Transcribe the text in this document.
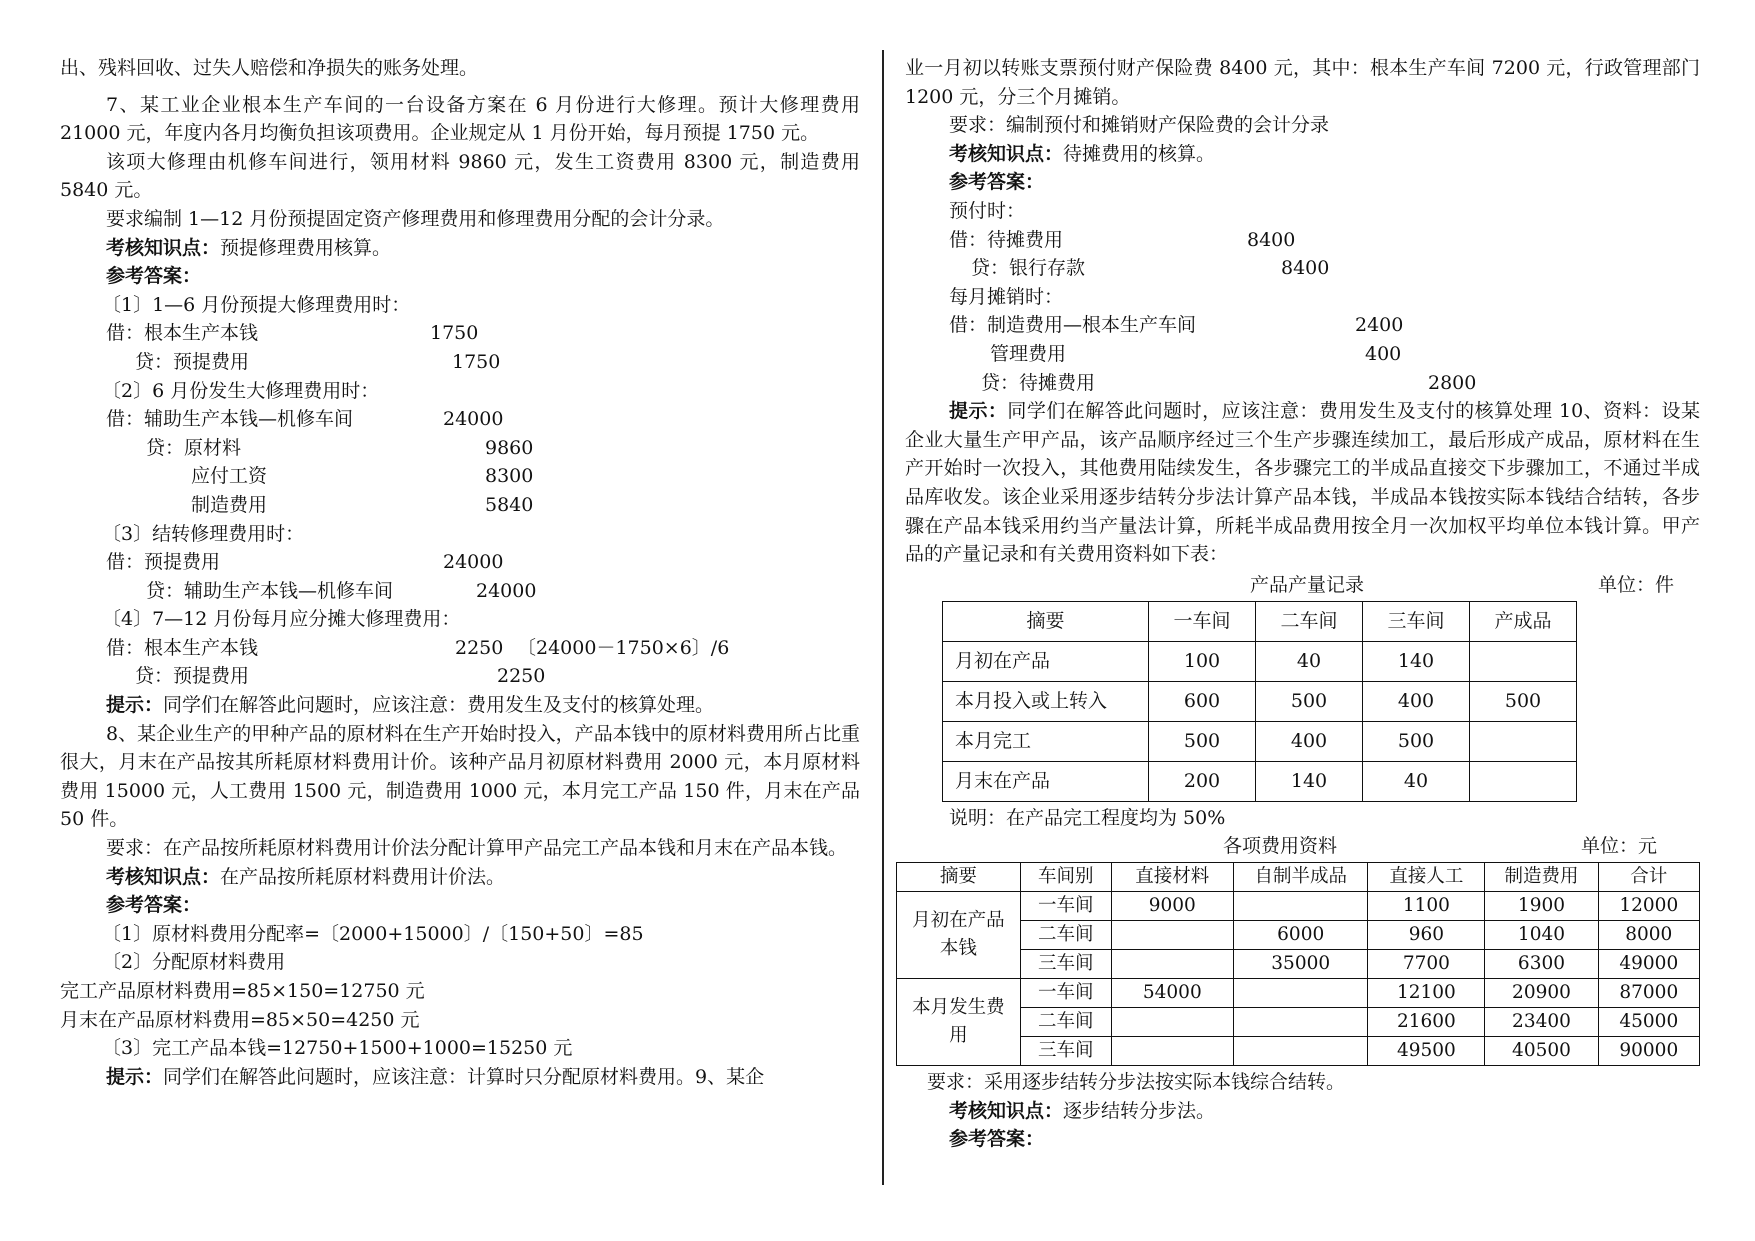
出、残料回收、过失人赔偿和净损失的账务处理。

7、某工业企业根本生产车间的一台设备方案在 6 月份进行大修理。预计大修理费用 21000 元，年度内各月均衡负担该项费用。企业规定从 1 月份开始，每月预提 1750 元。

该项大修理由机修车间进行，领用材料 9860 元，发生工资费用 8300 元，制造费用 5840 元。

要求编制 1—12 月份预提固定资产修理费用和修理费用分配的会计分录。

考核知识点：预提修理费用核算。

参考答案：

〔1〕1—6 月份预提大修理费用时：

借：根本生产本钱	1750
贷：预提费用	1750

〔2〕6 月份发生大修理费用时：

借：辅助生产本钱—机修车间	24000
贷：原材料	9860
应付工资	8300
制造费用	5840

〔3〕结转修理费用时：

借：预提费用	24000
贷：辅助生产本钱—机修车间	24000

〔4〕7—12 月份每月应分摊大修理费用：

借：根本生产本钱	2250 〔24000－1750×6〕/6
贷：预提费用	2250

提示：同学们在解答此问题时，应该注意：费用发生及支付的核算处理。

8、某企业生产的甲种产品的原材料在生产开始时投入，产品本钱中的原材料费用所占比重很大，月末在产品按其所耗原材料费用计价。该种产品月初原材料费用 2000 元，本月原材料费用 15000 元，人工费用 1500 元，制造费用 1000 元，本月完工产品 150 件，月末在产品 50 件。

要求：在产品按所耗原材料费用计价法分配计算甲产品完工产品本钱和月末在产品本钱。

考核知识点：在产品按所耗原材料费用计价法。

参考答案：

〔1〕原材料费用分配率=〔2000+15000〕/〔150+50〕=85

〔2〕分配原材料费用

完工产品原材料费用=85×150=12750 元

月末在产品原材料费用=85×50=4250 元

〔3〕完工产品本钱=12750+1500+1000=15250 元

提示：同学们在解答此问题时，应该注意：计算时只分配原材料费用。9、某企

业一月初以转账支票预付财产保险费 8400 元，其中：根本生产车间 7200 元，行政管理部门 1200 元，分三个月摊销。

要求：编制预付和摊销财产保险费的会计分录

考核知识点：待摊费用的核算。

参考答案：

预付时：

借：待摊费用	8400
贷：银行存款	8400

每月摊销时：

借：制造费用—根本生产车间	2400
管理费用	400
贷：待摊费用	2800

提示：同学们在解答此问题时，应该注意：费用发生及支付的核算处理 10、资料：设某企业大量生产甲产品，该产品顺序经过三个生产步骤连续加工，最后形成产成品，原材料在生产开始时一次投入，其他费用陆续发生，各步骤完工的半成品直接交下步骤加工，不通过半成品库收发。该企业采用逐步结转分步法计算产品本钱，半成品本钱按实际本钱结合结转，各步骤在产品本钱采用约当产量法计算，所耗半成品费用按全月一次加权平均单位本钱计算。甲产品的产量记录和有关费用资料如下表：

产品产量记录	单位：件
摘要	一车间	二车间	三车间	产成品
月初在产品	100	40	140	
本月投入或上转入	600	500	400	500
本月完工	500	400	500	
月末在产品	200	140	40	

说明：在产品完工程度均为 50%

各项费用资料	单位：元
摘要	车间别	直接材料	自制半成品	直接人工	制造费用	合计
月初在产品本钱	一车间	9000		1100	1900	12000
	二车间		6000	960	1040	8000
	三车间		35000	7700	6300	49000
本月发生费用	一车间	54000		12100	20900	87000
	二车间			21600	23400	45000
	三车间			49500	40500	90000

要求：采用逐步结转分步法按实际本钱综合结转。

考核知识点：逐步结转分步法。

参考答案：
